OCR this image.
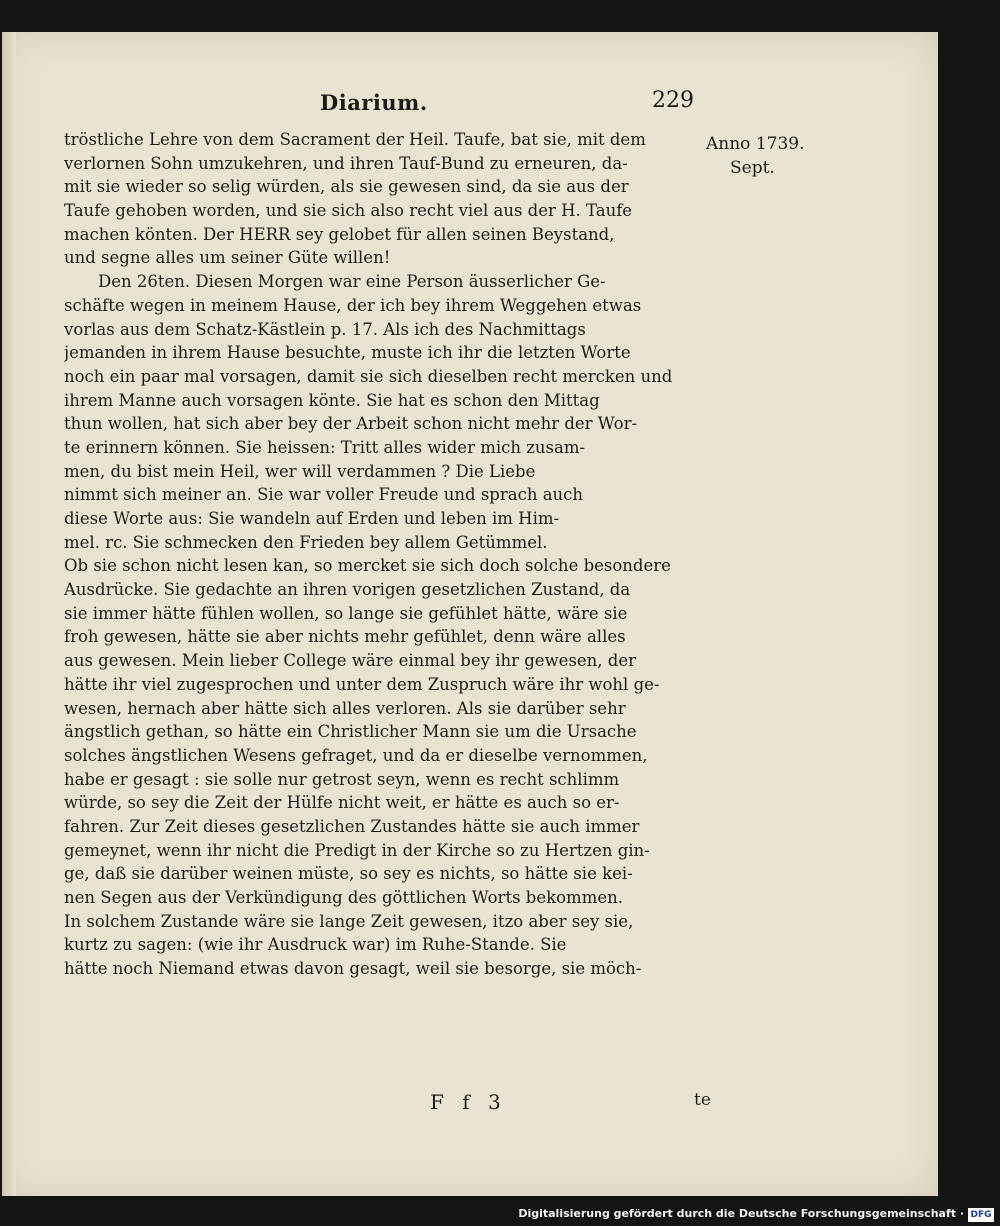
Diarium.	229
Anno 1739.
Sept.
tröstliche Lehre von dem Sacrament der Heil. Taufe, bat sie, mit dem
verlornen Sohn umzukehren, und ihren Tauf-Bund zu erneuren, da-
mit sie wieder so selig würden, als sie gewesen sind, da sie aus der
Taufe gehoben worden, und sie sich also recht viel aus der H. Taufe
machen könten. Der HERR sey gelobet für allen seinen Beystand,
und segne alles um seiner Güte willen!
Den 26ten. Diesen Morgen war eine Person äusserlicher Ge-
schäfte wegen in meinem Hause, der ich bey ihrem Weggehen etwas
vorlas aus dem Schatz-Kästlein p. 17. Als ich des Nachmittags
jemanden in ihrem Hause besuchte, muste ich ihr die letzten Worte
noch ein paar mal vorsagen, damit sie sich dieselben recht mercken und
ihrem Manne auch vorsagen könte. Sie hat es schon den Mittag
thun wollen, hat sich aber bey der Arbeit schon nicht mehr der Wor-
te erinnern können. Sie heissen: Tritt alles wider mich zusam-
men, du bist mein Heil, wer will verdammen ? Die Liebe
nimmt sich meiner an. Sie war voller Freude und sprach auch
diese Worte aus: Sie wandeln auf Erden und leben im Him-
mel. rc. Sie schmecken den Frieden bey allem Getümmel.
Ob sie schon nicht lesen kan, so mercket sie sich doch solche besondere
Ausdrücke. Sie gedachte an ihren vorigen gesetzlichen Zustand, da
sie immer hätte fühlen wollen, so lange sie gefühlet hätte, wäre sie
froh gewesen, hätte sie aber nichts mehr gefühlet, denn wäre alles
aus gewesen. Mein lieber College wäre einmal bey ihr gewesen, der
hätte ihr viel zugesprochen und unter dem Zuspruch wäre ihr wohl ge-
wesen, hernach aber hätte sich alles verloren. Als sie darüber sehr
ängstlich gethan, so hätte ein Christlicher Mann sie um die Ursache
solches ängstlichen Wesens gefraget, und da er dieselbe vernommen,
habe er gesagt : sie solle nur getrost seyn, wenn es recht schlimm
würde, so sey die Zeit der Hülfe nicht weit, er hätte es auch so er-
fahren. Zur Zeit dieses gesetzlichen Zustandes hätte sie auch immer
gemeynet, wenn ihr nicht die Predigt in der Kirche so zu Hertzen gin-
ge, daß sie darüber weinen müste, so sey es nichts, so hätte sie kei-
nen Segen aus der Verkündigung des göttlichen Worts bekommen.
In solchem Zustande wäre sie lange Zeit gewesen, itzo aber sey sie,
kurtz zu sagen: (wie ihr Ausdruck war) im Ruhe-Stande. Sie
hätte noch Niemand etwas davon gesagt, weil sie besorge, sie möch-
F f 3	te
Digitalisierung gefördert durch die Deutsche Forschungsgemeinschaft · DFG
